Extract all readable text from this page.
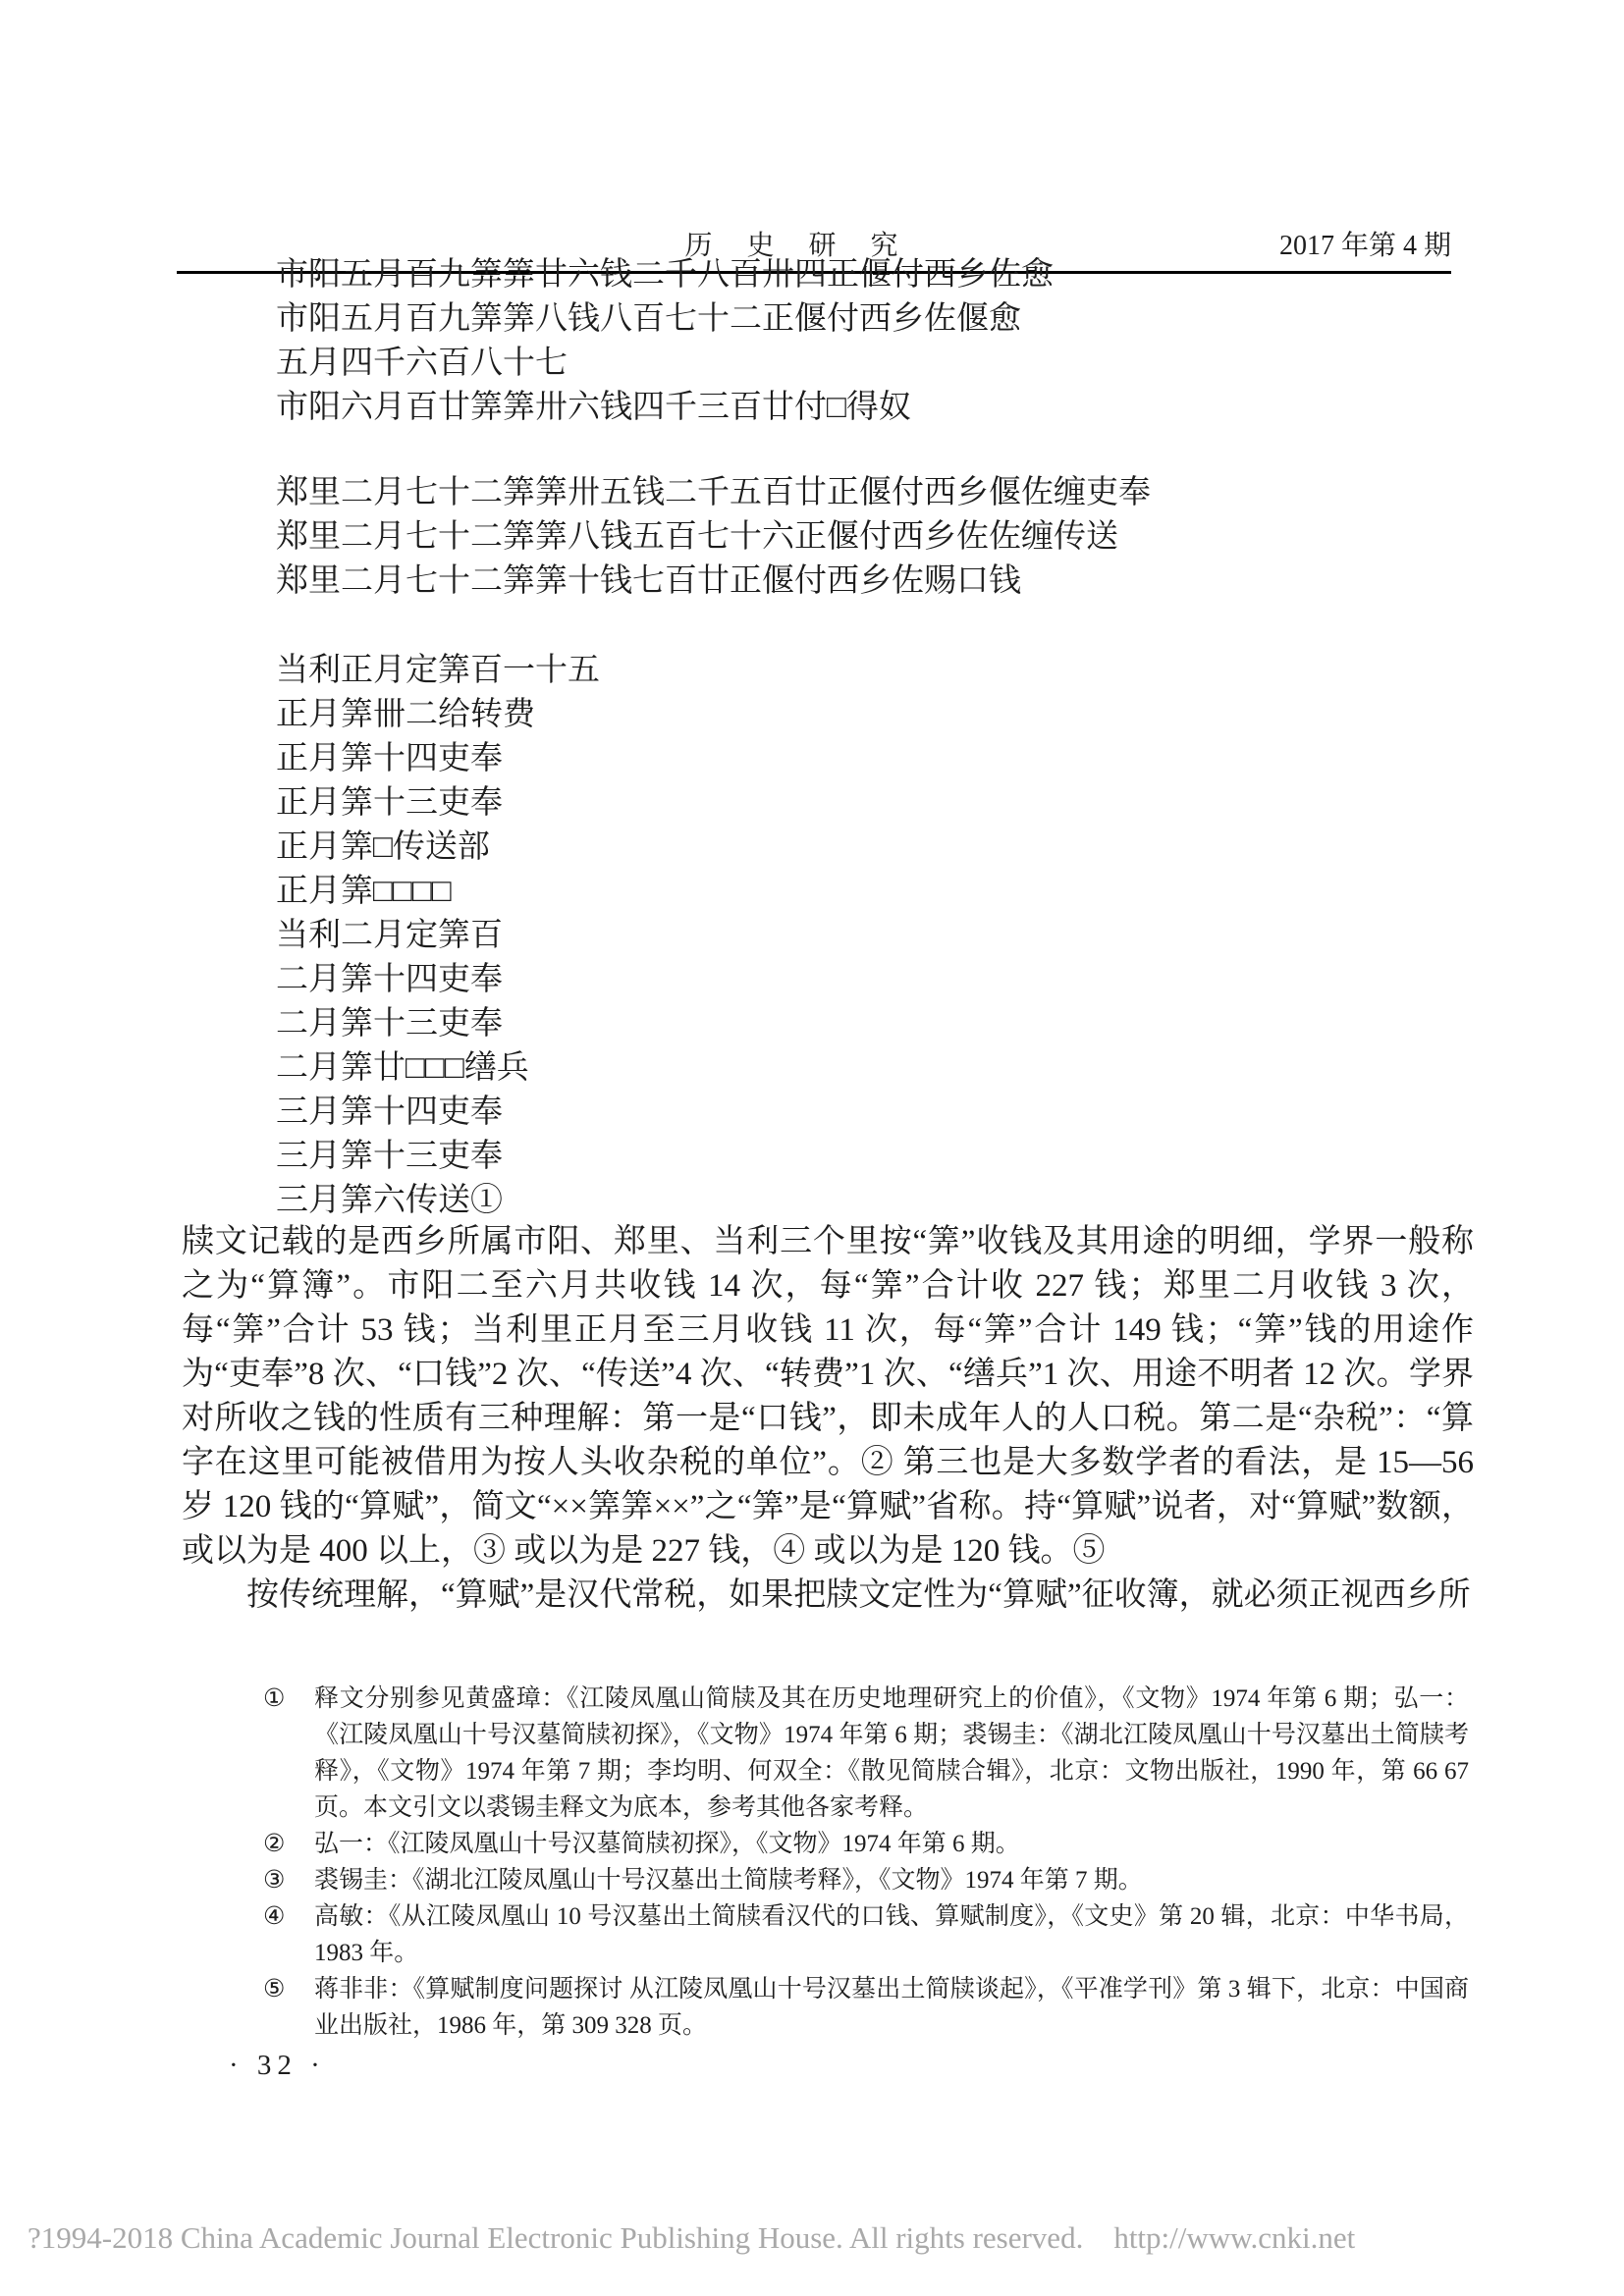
历 史 研 究	2017 年第 4 期
市阳五月百九筭筭廿六钱二千八百卅四正偃付西乡佐愈
市阳五月百九筭筭八钱八百七十二正偃付西乡佐偃愈
五月四千六百八十七
市阳六月百廿筭筭卅六钱四千三百廿付□得奴
郑里二月七十二筭筭卅五钱二千五百廿正偃付西乡偃佐缠吏奉
郑里二月七十二筭筭八钱五百七十六正偃付西乡佐佐缠传送
郑里二月七十二筭筭十钱七百廿正偃付西乡佐赐口钱
当利正月定筭百一十五
正月筭卌二给转费
正月筭十四吏奉
正月筭十三吏奉
正月筭□传送部
正月筭□□□□
当利二月定筭百
二月筭十四吏奉
二月筭十三吏奉
二月筭廿□□□缮兵
三月筭十四吏奉
三月筭十三吏奉
三月筭六传送①

牍文记载的是西乡所属市阳、郑里、当利三个里按“筭”收钱及其用途的明细，学界一般称之为“算簿”。市阳二至六月共收钱 14 次，每“筭”合计收 227 钱；郑里二月收钱 3 次，每“筭”合计 53 钱；当利里正月至三月收钱 11 次，每“筭”合计 149 钱；“筭”钱的用途作为“吏奉”8 次、“口钱”2 次、“传送”4 次、“转费”1 次、“缮兵”1 次、用途不明者 12 次。学界对所收之钱的性质有三种理解：第一是“口钱”，即未成年人的人口税。第二是“杂税”：“算字在这里可能被借用为按人头收杂税的单位”。② 第三也是大多数学者的看法，是 15—56 岁 120 钱的“算赋”，简文“××筭筭××”之“筭”是“算赋”省称。持“算赋”说者，对“算赋”数额，或以为是 400 以上，③ 或以为是 227 钱，④ 或以为是 120 钱。⑤

按传统理解，“算赋”是汉代常税，如果把牍文定性为“算赋”征收簿，就必须正视西乡所

①	释文分别参见黄盛璋：《江陵凤凰山简牍及其在历史地理研究上的价值》，《文物》1974 年第 6 期；弘一：《江陵凤凰山十号汉墓简牍初探》，《文物》1974 年第 6 期；裘锡圭：《湖北江陵凤凰山十号汉墓出土简牍考释》，《文物》1974 年第 7 期；李均明、何双全：《散见简牍合辑》，北京：文物出版社，1990 年，第 66 67 页。本文引文以裘锡圭释文为底本，参考其他各家考释。
②	弘一：《江陵凤凰山十号汉墓简牍初探》，《文物》1974 年第 6 期。
③	裘锡圭：《湖北江陵凤凰山十号汉墓出土简牍考释》，《文物》1974 年第 7 期。
④	高敏：《从江陵凤凰山 10 号汉墓出土简牍看汉代的口钱、算赋制度》，《文史》第 20 辑，北京：中华书局，1983 年。
⑤	蒋非非：《算赋制度问题探讨 从江陵凤凰山十号汉墓出土简牍谈起》，《平准学刊》第 3 辑下，北京：中国商业出版社，1986 年，第 309 328 页。
· 32 ·
?1994-2018 China Academic Journal Electronic Publishing House. All rights reserved.    http://www.cnki.net
